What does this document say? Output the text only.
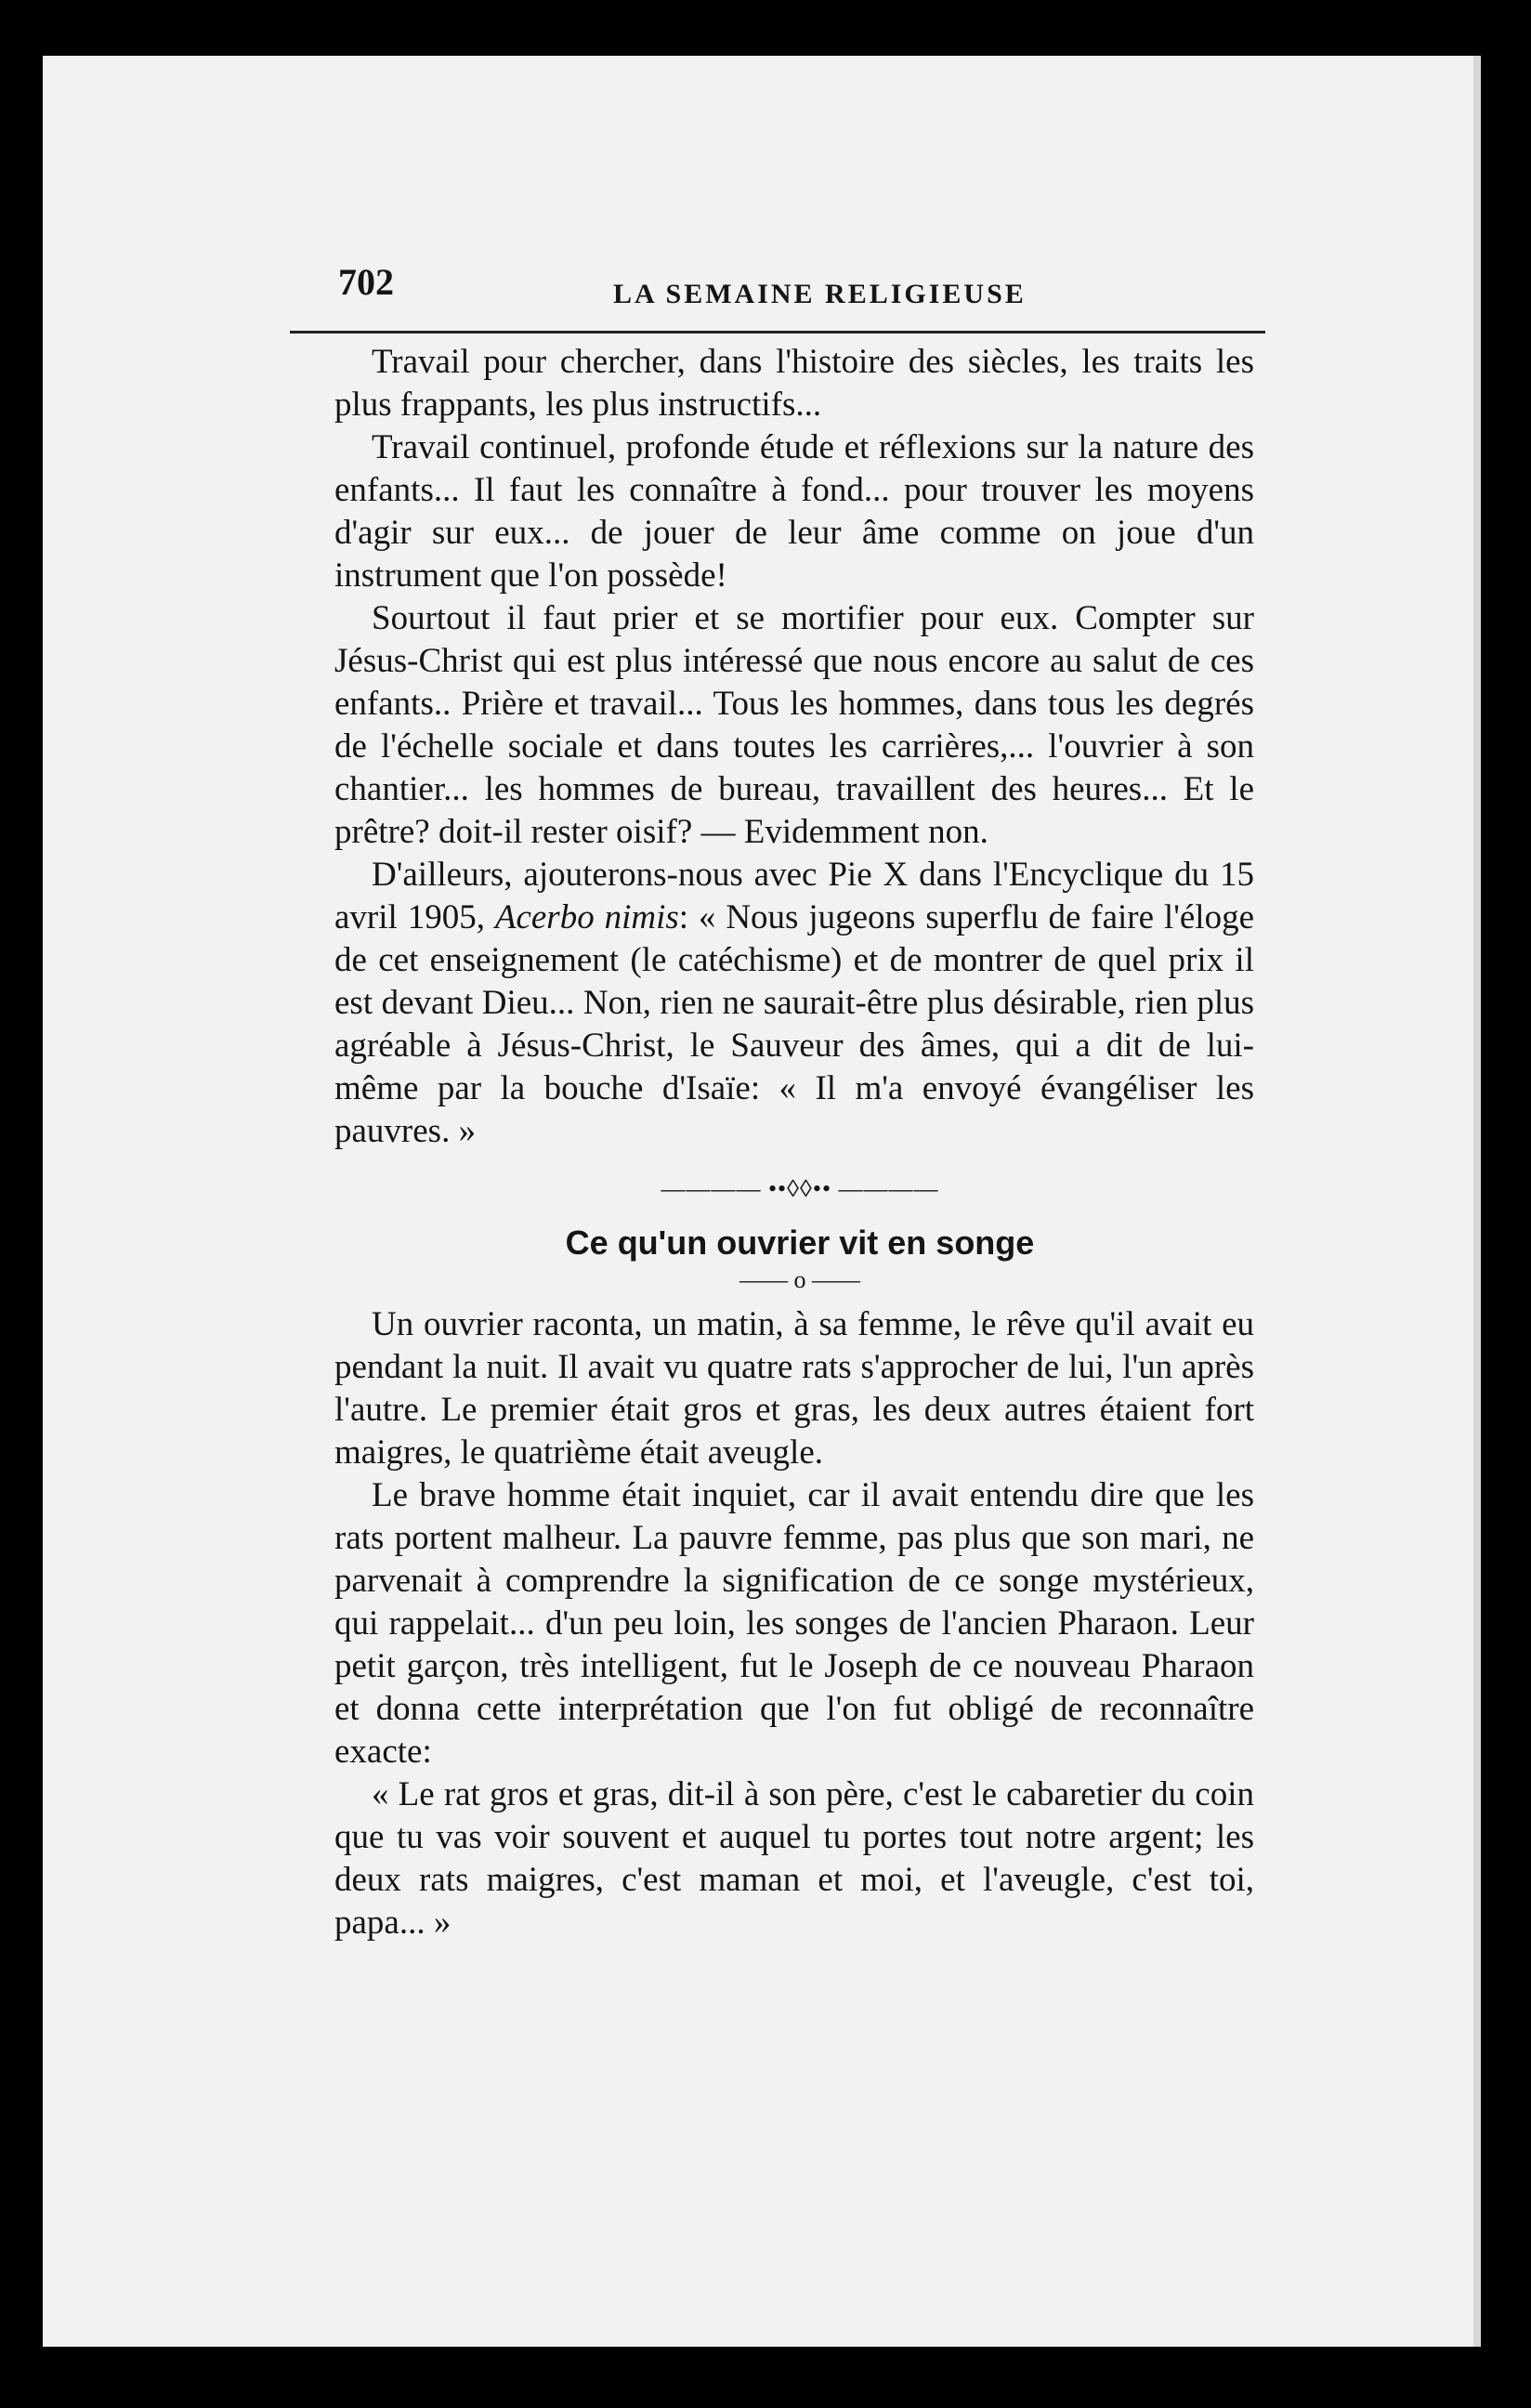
702	LA SEMAINE RELIGIEUSE

Travail pour chercher, dans l'histoire des siècles, les traits les plus frappants, les plus instructifs...

Travail continuel, profonde étude et réflexions sur la nature des enfants... Il faut les connaître à fond... pour trouver les moyens d'agir sur eux... de jouer de leur âme comme on joue d'un instrument que l'on possède!

Sourtout il faut prier et se mortifier pour eux. Compter sur Jésus-Christ qui est plus intéressé que nous encore au salut de ces enfants.. Prière et travail... Tous les hommes, dans tous les degrés de l'échelle sociale et dans toutes les carrières,... l'ouvrier à son chantier... les hommes de bureau, travaillent des heures... Et le prêtre? doit-il rester oisif? — Evidemment non.

D'ailleurs, ajouterons-nous avec Pie X dans l'Encyclique du 15 avril 1905, Acerbo nimis: « Nous jugeons superflu de faire l'éloge de cet enseignement (le catéchisme) et de montrer de quel prix il est devant Dieu... Non, rien ne saurait-être plus désirable, rien plus agréable à Jésus-Christ, le Sauveur des âmes, qui a dit de lui-même par la bouche d'Isaïe: « Il m'a envoyé évangéliser les pauvres. »

———— ••◊◊•• ————
Ce qu'un ouvrier vit en songe
—— o ——

Un ouvrier raconta, un matin, à sa femme, le rêve qu'il avait eu pendant la nuit. Il avait vu quatre rats s'approcher de lui, l'un après l'autre. Le premier était gros et gras, les deux autres étaient fort maigres, le quatrième était aveugle.

Le brave homme était inquiet, car il avait entendu dire que les rats portent malheur. La pauvre femme, pas plus que son mari, ne parvenait à comprendre la signification de ce songe mystérieux, qui rappelait... d'un peu loin, les songes de l'ancien Pharaon. Leur petit garçon, très intelligent, fut le Joseph de ce nouveau Pharaon et donna cette interprétation que l'on fut obligé de reconnaître exacte:

« Le rat gros et gras, dit-il à son père, c'est le cabaretier du coin que tu vas voir souvent et auquel tu portes tout notre argent; les deux rats maigres, c'est maman et moi, et l'aveugle, c'est toi, papa... »
